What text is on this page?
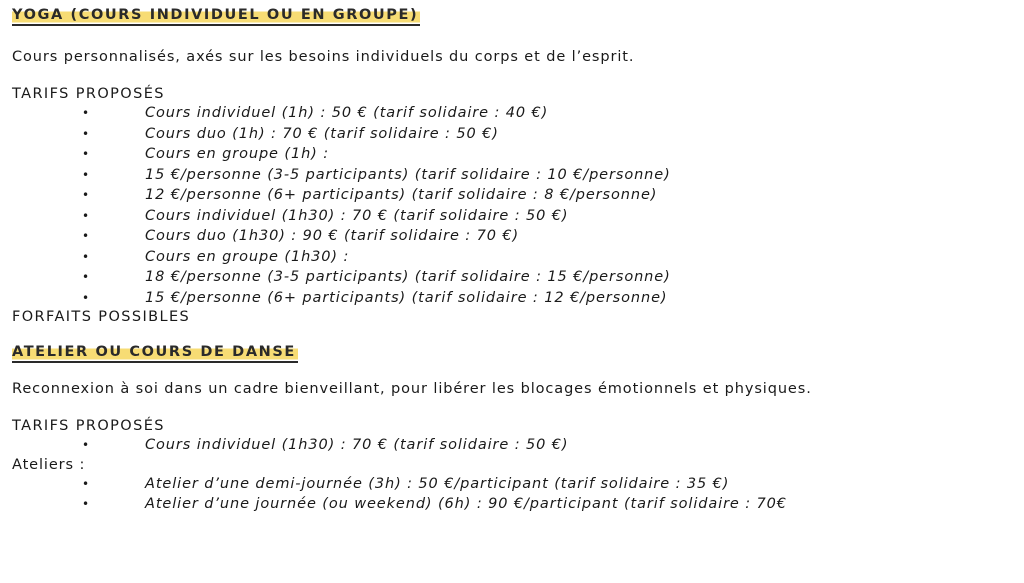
YOGA (COURS INDIVIDUEL OU EN GROUPE)

Cours personnalisés, axés sur les besoins individuels du corps et de l’esprit.

TARIFS PROPOSÉS

•	Cours individuel (1h) : 50 € (tarif solidaire : 40 €)
•	Cours duo (1h) : 70 € (tarif solidaire : 50 €)
•	Cours en groupe (1h) :
•	15 €/personne (3-5 participants) (tarif solidaire : 10 €/personne)
•	12 €/personne (6+ participants) (tarif solidaire : 8 €/personne)
•	Cours individuel (1h30) : 70 € (tarif solidaire : 50 €)
•	Cours duo (1h30) : 90 € (tarif solidaire : 70 €)
•	Cours en groupe (1h30) :
•	18 €/personne (3-5 participants) (tarif solidaire : 15 €/personne)
•	15 €/personne (6+ participants) (tarif solidaire : 12 €/personne)

FORFAITS POSSIBLES

ATELIER OU COURS DE DANSE

Reconnexion à soi dans un cadre bienveillant, pour libérer les blocages émotionnels et physiques.

TARIFS PROPOSÉS

•	Cours individuel (1h30) : 70 € (tarif solidaire : 50 €)

Ateliers :

•	Atelier d’une demi-journée (3h) : 50 €/participant (tarif solidaire : 35 €)
•	Atelier d’une journée (ou weekend) (6h) : 90 €/participant (tarif solidaire : 70€
